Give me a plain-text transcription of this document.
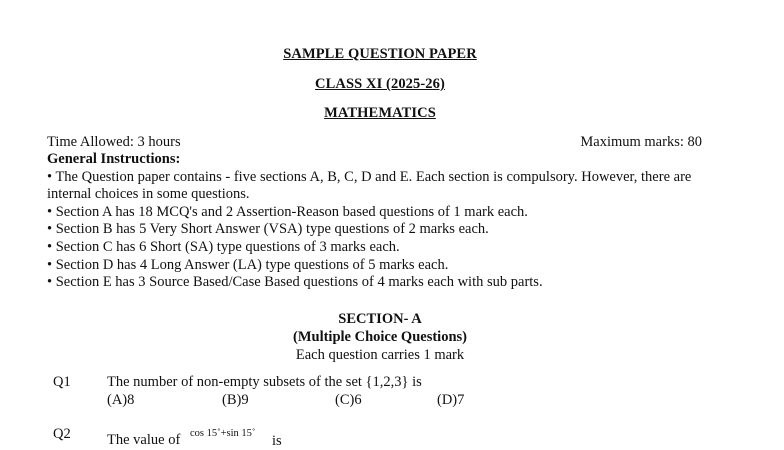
SAMPLE QUESTION PAPER
CLASS XI (2025-26)
MATHEMATICS
Time Allowed: 3 hours	Maximum marks: 80
General Instructions:
• The Question paper contains - five sections A, B, C, D and E. Each section is compulsory. However, there are internal choices in some questions.
• Section A has 18 MCQ's and 2 Assertion-Reason based questions of 1 mark each.
• Section B has 5 Very Short Answer (VSA) type questions of 2 marks each.
• Section C has 6 Short (SA) type questions of 3 marks each.
• Section D has 4 Long Answer (LA) type questions of 5 marks each.
• Section E has 3 Source Based/Case Based questions of 4 marks each with sub parts.
SECTION- A
(Multiple Choice Questions)
Each question carries 1 mark
Q1	The number of non-empty subsets of the set {1,2,3} is
(A)8	(B)9	(C)6	(D)7
Q2	The value of cos 15˚+sin 15˚ is
